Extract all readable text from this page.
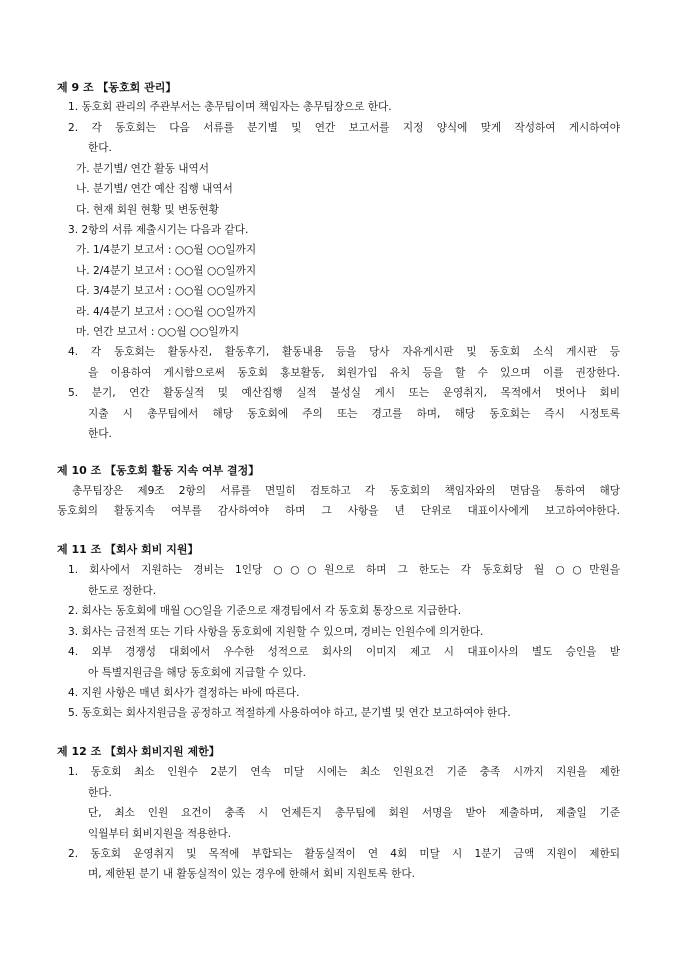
제 9 조 【동호회 관리】
1. 동호회 관리의 주관부서는 총무팀이며 책임자는 총무팀장으로 한다.
2. 각 동호회는 다음 서류를 분기별 및 연간 보고서를 지정 양식에 맞게 작성하여 게시하여야
한다.
가. 분기별/ 연간 활동 내역서
나. 분기별/ 연간 예산 집행 내역서
다. 현재 회원 현황 및 변동현황
3. 2항의 서류 제출시기는 다음과 같다.
가. 1/4분기 보고서 : ○○월 ○○일까지
나. 2/4분기 보고서 : ○○월 ○○일까지
다. 3/4분기 보고서 : ○○월 ○○일까지
라. 4/4분기 보고서 : ○○월 ○○일까지
마. 연간 보고서 : ○○월 ○○일까지
4. 각 동호회는 활동사진, 활동후기, 활동내용 등을 당사 자유게시판 및 동호회 소식 게시판 등
을 이용하여 게시함으로써 동호회 홍보활동, 회원가입 유치 등을 할 수 있으며 이를 권장한다.
5. 분기, 연간 활동실적 및 예산집행 실적 불성실 게시 또는 운영취지, 목적에서 벗어나 회비
지출 시 총무팀에서 해당 동호회에 주의 또는 경고를 하며, 해당 동호회는 즉시 시정토록
한다.
제 10 조 【동호회 활동 지속 여부 결정】
총무팀장은 제9조 2항의 서류를 면밀히 검토하고 각 동호회의 책임자와의 면담을 통하여 해당
동호회의 활동지속 여부를 감사하여야 하며 그 사항을 년 단위로 대표이사에게 보고하여야한다.
제 11 조 【회사 회비 지원】
1. 회사에서 지원하는 경비는 1인당 ○○○원으로 하며 그 한도는 각 동호회당 월 ○○만원을
한도로 정한다.
2. 회사는 동호회에 매월 ○○일을 기준으로 재경팀에서 각 동호회 통장으로 지급한다.
3. 회사는 금전적 또는 기타 사항을 동호회에 지원할 수 있으며, 경비는 인원수에 의거한다.
4. 외부 경쟁성 대회에서 우수한 성적으로 회사의 이미지 제고 시 대표이사의 별도 승인을 받
아 특별지원금을 해당 동호회에 지급할 수 있다.
4. 지원 사항은 매년 회사가 결정하는 바에 따른다.
5. 동호회는 회사지원금을 공정하고 적절하게 사용하여야 하고, 분기별 및 연간 보고하여야 한다.
제 12 조 【회사 회비지원 제한】
1. 동호회 최소 인원수 2분기 연속 미달 시에는 최소 인원요건 기준 충족 시까지 지원을 제한
한다.
단, 최소 인원 요건이 충족 시 언제든지 총무팀에 회원 서명을 받아 제출하며, 제출일 기준
익월부터 회비지원을 적용한다.
2. 동호회 운영취지 및 목적에 부합되는 활동실적이 연 4회 미달 시 1분기 금액 지원이 제한되
며, 제한된 분기 내 활동실적이 있는 경우에 한해서 회비 지원토록 한다.
